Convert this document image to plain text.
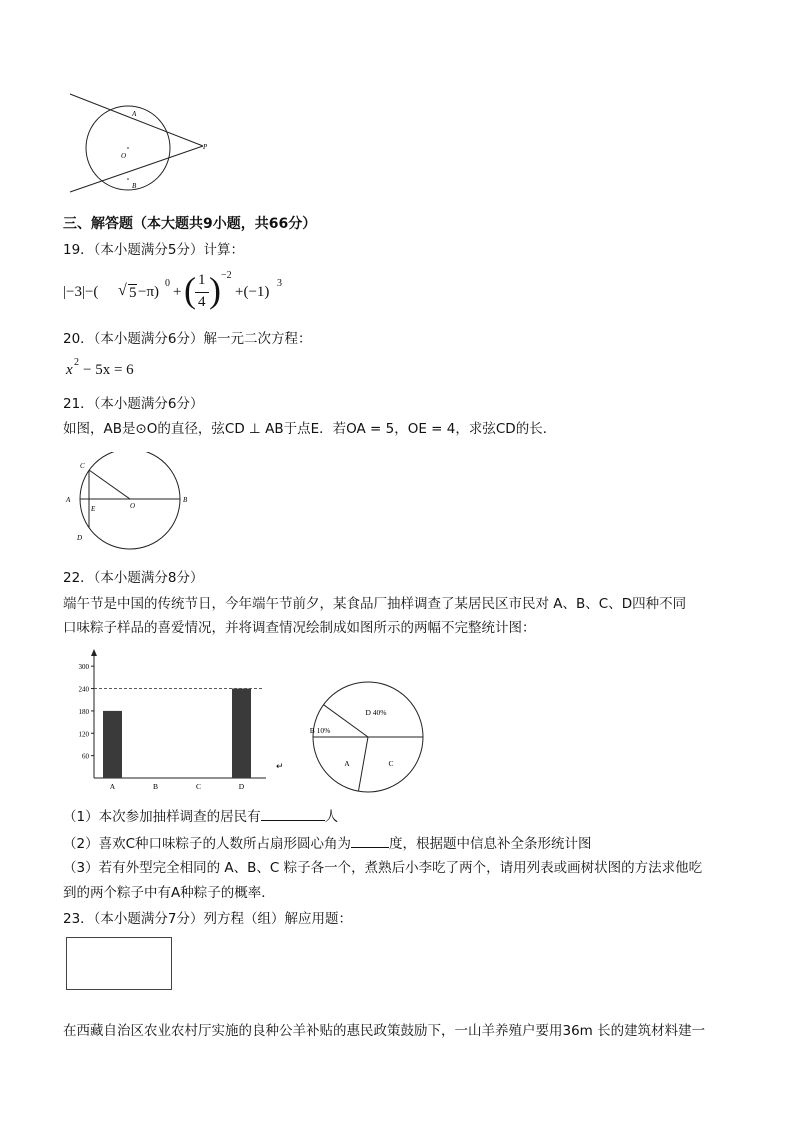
A
O
P
B
三、解答题（本大题共9小题，共66分）
19．（本小题满分5分）计算：
|−3|−( √ 5 −π)
0
+ ( 1
4 ) −2
+(−1)
3
20．（本小题满分6分）解一元二次方程：
x 2 − 5x = 6
21．（本小题满分6分）
如图，AB是⊙O的直径，弦CD ⊥ AB于点E．若OA = 5，OE = 4，求弦CD的长．
C
A
E	O
B
D
22．（本小题满分8分）
端午节是中国的传统节日，今年端午节前夕，某食品厂抽样调查了某居民区市民对 A、B、C、D四种不同
口味粽子样品的喜爱情况，并将调查情况绘制成如图所示的两幅不完整统计图：
60
120
180
240
300
A	B	C	D
↵
D 40%
B 10%
A	C
（1）本次参加抽样调查的居民有	人
（2）喜欢C种口味粽子的人数所占扇形圆心角为	度，根据题中信息补全条形统计图
（3）若有外型完全相同的 A、B、C 粽子各一个，煮熟后小李吃了两个，请用列表或画树状图的方法求他吃
到的两个粽子中有A种粽子的概率．
23．（本小题满分7分）列方程（组）解应用题：
在西藏自治区农业农村厅实施的良种公羊补贴的惠民政策鼓励下，一山羊养殖户要用36m 长的建筑材料建一
